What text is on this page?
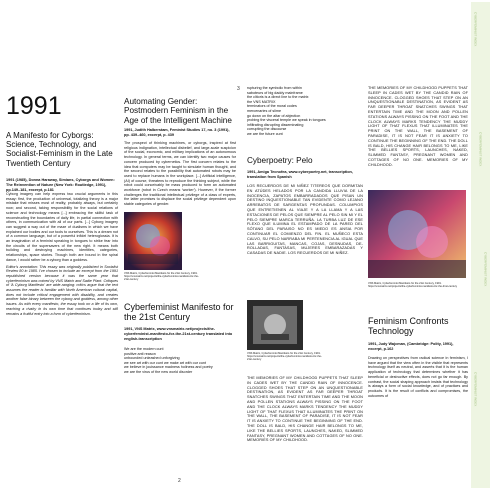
1991
A Manifesto for Cyborgs: Science, Technology, and Socialist-Feminism in the Late Twentieth Century
1991 (1985), Donna Haraway, Simians, Cyborgs and Women: The Reinvention of Nature (New York: Routledge, 1991), pp.149–181, excerpt, p.181

Cyborg imagery can help express two crucial arguments in this essay: first, the production of universal, totalizing theory is a major mistake that misses most of reality, probably always, but certainly now; and second, taking responsibility for the social relations of science and technology means [...] embracing the skilful task of reconstructing the boundaries of daily life, in partial connection with others, in communication with all of our parts. [...] Cyborg imagery can suggest a way out of the maze of dualisms in which we have explained our bodies and our tools to ourselves. This is a dream not of a common language, but of a powerful infidel heteroglossia. It is an imagination of a feminist speaking in tongues to strike fear into the circuits of the supersavers of the new right. It means both building and destroying machines, identities, categories, relationships, space stories. Though both are bound in the spiral dance, I would rather be a cyborg than a goddess.

Editor's annotation: This essay was originally published in Socialist Review 80 in 1985. I've chosen to include an excerpt from the 1991 republished version because it was the same year that cyberfeminism was coined by VNS Matrix and Sadie Plant. Critiques of 'A Cyborg Manifesto' are wide-ranging: critics argue that the text assumes the reader is familiar with North American cultural capital, does not include critical engagement with disability, and creates another false binary between the cyborg and goddess, among other issues. As with every manifesto, the essay took on a life of its own, reaching a rivalry in its own time that continues today and still remains a fruitful entry into a form of cyberfeminism.

Automating Gender: Postmodern Feminism in the Age of the Intelligent Machine
1991, Judith Halberstam, Feminist Studies 17, no. 3 (1991), pp. 439–460, excerpt, p. 439
The prospect of thinking machines, or cyborgs, inspired at first religious indignation, intellectual disbelief, and large-scale suspicion of the social, economic, and military implications of an autonomous technology. In general terms, we can identify two major causes for concern produced by cybernetics. The first concern relates to the idea that computers may be taught to simulate human thought, and the second relates to the possibility that automated robots may be used to replace humans in the workplace. [...] Artificial intelligence, (AI) of course, threatens to reproduce the thinking subject, while the robot could conceivably be mass produced to form an automated workforce (robot in Czech means 'worker'). However, if the former challenges the traditional intellectual privilege of a class of experts, the latter promises to displace the social privilege dependent upon stable categories of gender.
VNS Matrix, Cyberfeminist Manifesto for the 21st Century, 1991. https://vnsmatrix.net/projects/the-cyberfeminist-manifesto-for-the-21st-century
Cyberfeminist Manifesto for the 21st Century
1991, VNS Matrix, www.vnsmatrix.net/projects/the-cyberfeminist-manifesto-for-the-21st-century translated into english-transcription
We are the modern cunt
positive anti reason
unbounded unleashed unforgiving
we see art with our cunt we make art with our cunt
we believe in jouissance madness holiness and poetry
we are the virus of the new world disorder
2
3 rupturing the symbolic from within
saboteurs of big daddy mainframe
the clitoris is a direct line to the matrix
the VNS MATRIX
terminators of the moral codes
mercenaries of slime
go down on the altar of abjection
probing the visceral temple we speak in tongues
infiltrating disrupting disseminating
corrupting the discourse
we are the future cunt
Cyberpoetry: Pelo
1991, Amiga Tecnofea, www.cyberpoetry.net, transcription, translation from Spanish
LOS RECUERDOS DE MI NIÑEZ TITEREOS QUE DORMITAN EN ATÚDES HELADOS POR LA CANDIDA LLUVIA DE LA INOCENCIA, ZAPATOS EMBARRADADOS QUE PISAN UN DESTINO INQUESTIONABLE TAN EVIDENTE COMO LEJANO ARREBATOS DE SARGENTAS PROFUNDAS. COLUMPIOS QUE ENTRETIENEN AL VIAJE Y A LA LLAMA Y A LAS ESTACIONES DE PELOS QUE SIEMPRE AL PELO SIN MI Y EL PELO SIEMPRE MARCA TERRUÑA. LA TURBA LUZ DE ESE FLEXO QUE ILUMINA EL ESTAMPADO DE LA PARED DEL SÓTANO DEL PARAISO NO ES MIEDO ES ANSIA POR CONTINUAR EL COMIENZO DEL FIN. EL MUÑECO ESTA CALVO, SU PELO NARRABA MI PERTENENCIA AL IGUAL QUE LAS BARRIGUITAS, MANCAS, COJAS, DESNUDAS, DE-ROLLADAS, FANTASAS, MUJERES EMBARAZADAS Y CASADAS DE NADIE. LOS RECUERDOS DE MI NIÑEZ.
VNS Matrix, Cyberfeminist Manifesto for the 21st Century, 1991. https://vnsmatrix.net/projects/the-cyberfeminist-manifesto-for-the-21st-century
THE MEMORIES OF MY CHILDHOOD PUPPETS THAT SLEEP IN CADES WET BY THE CANDID RAIN OF INNOCENCE. CLOGGED SHOES THAT STEP ON AN UNQUESTIONABLE DESTINATION, AS EVIDENT AS FAR DEEPER THROAT SNATCHES SWINGS THAT ENTERTAIN TIME AND THE MOON AND POLLEN STATIONS ALWAYS PISSING ON THE FOOT AND THE CLOCK ALWAYS MARKS TENDENCY THE MUDDY LIGHT OF THAT FLEXUS THAT ILLUMINATES THE PRINT ON THE WALL, THE BASEMENT OF PARADISE, IT IS NOT FEAR IT IS ANXIETY TO CONTINUE THE BEGINNING OF THE END. THE DOLL IS BALD, HIS CHANGE HAIR BELONGS TO ME, LIKE THE BELLIES SPORTS, LAUNCHES, NAKED, SLIMMED FANTASY, PREGNANT WOMEN AND COTTAGES OF NO ONE. MEMORIES OF MY CHILDHOOD.
THE MEMORIES OF MY CHILDHOOD PUPPETS THAT SLEEP IN CADES WET BY THE CANDID RAIN OF INNOCENCE. CLOGGED SHOES THAT STEP ON AN UNQUESTIONABLE DESTINATION, AS EVIDENT AS FAR DEEPER THROAT SNATCHES SWINGS THAT ENTERTAIN TIME AND THE MOON AND POLLEN STATIONS ALWAYS PISSING ON THE FOOT AND THE CLOCK ALWAYS MARKS TENDENCY THE MUDDY LIGHT OF THAT FLEXUS THAT ILLUMINATES THE PRINT ON THE WALL, THE BASEMENT OF PARADISE, IT IS NOT FEAR IT IS ANXIETY TO CONTINUE THE BEGINNING OF THE END. THE DOLL IS BALD, HIS CHANGE HAIR BELONGS TO ME, LIKE THE BELLIES SPORTS, LAUNCHES, NAKED, SLIMMED FANTASY, PREGNANT WOMEN AND COTTAGES OF NO ONE. MEMORIES OF MY CHILDHOOD.
VNS Matrix, Cyberfeminist Manifesto for the 21st Century, 1991. https://vnsmatrix.net/projects/the-cyberfeminist-manifesto-for-the-21st-century
Feminism Confronts Technology
1991, Judy Wajcman, (Cambridge: Polity, 1991), excerpt, p.162
Drawing on perspectives from radical science in feminism, I have argued that the view often in the visible that represents technology itself as neutral, and asserts that it is the human application of technology that determines whether it has beneficial or destructive effects, does not go far enough. By contrast, the social shaping approach insists that technology is always a form of social knowledge, and of practices and products. It is the result of conflicts and compromises, the outcomes of
CYBERFEMINIST INDEX
CYBERFEMINIST INDEX
CYBERFEMINIST INDEX
CYBERFEMINIST INDEX
